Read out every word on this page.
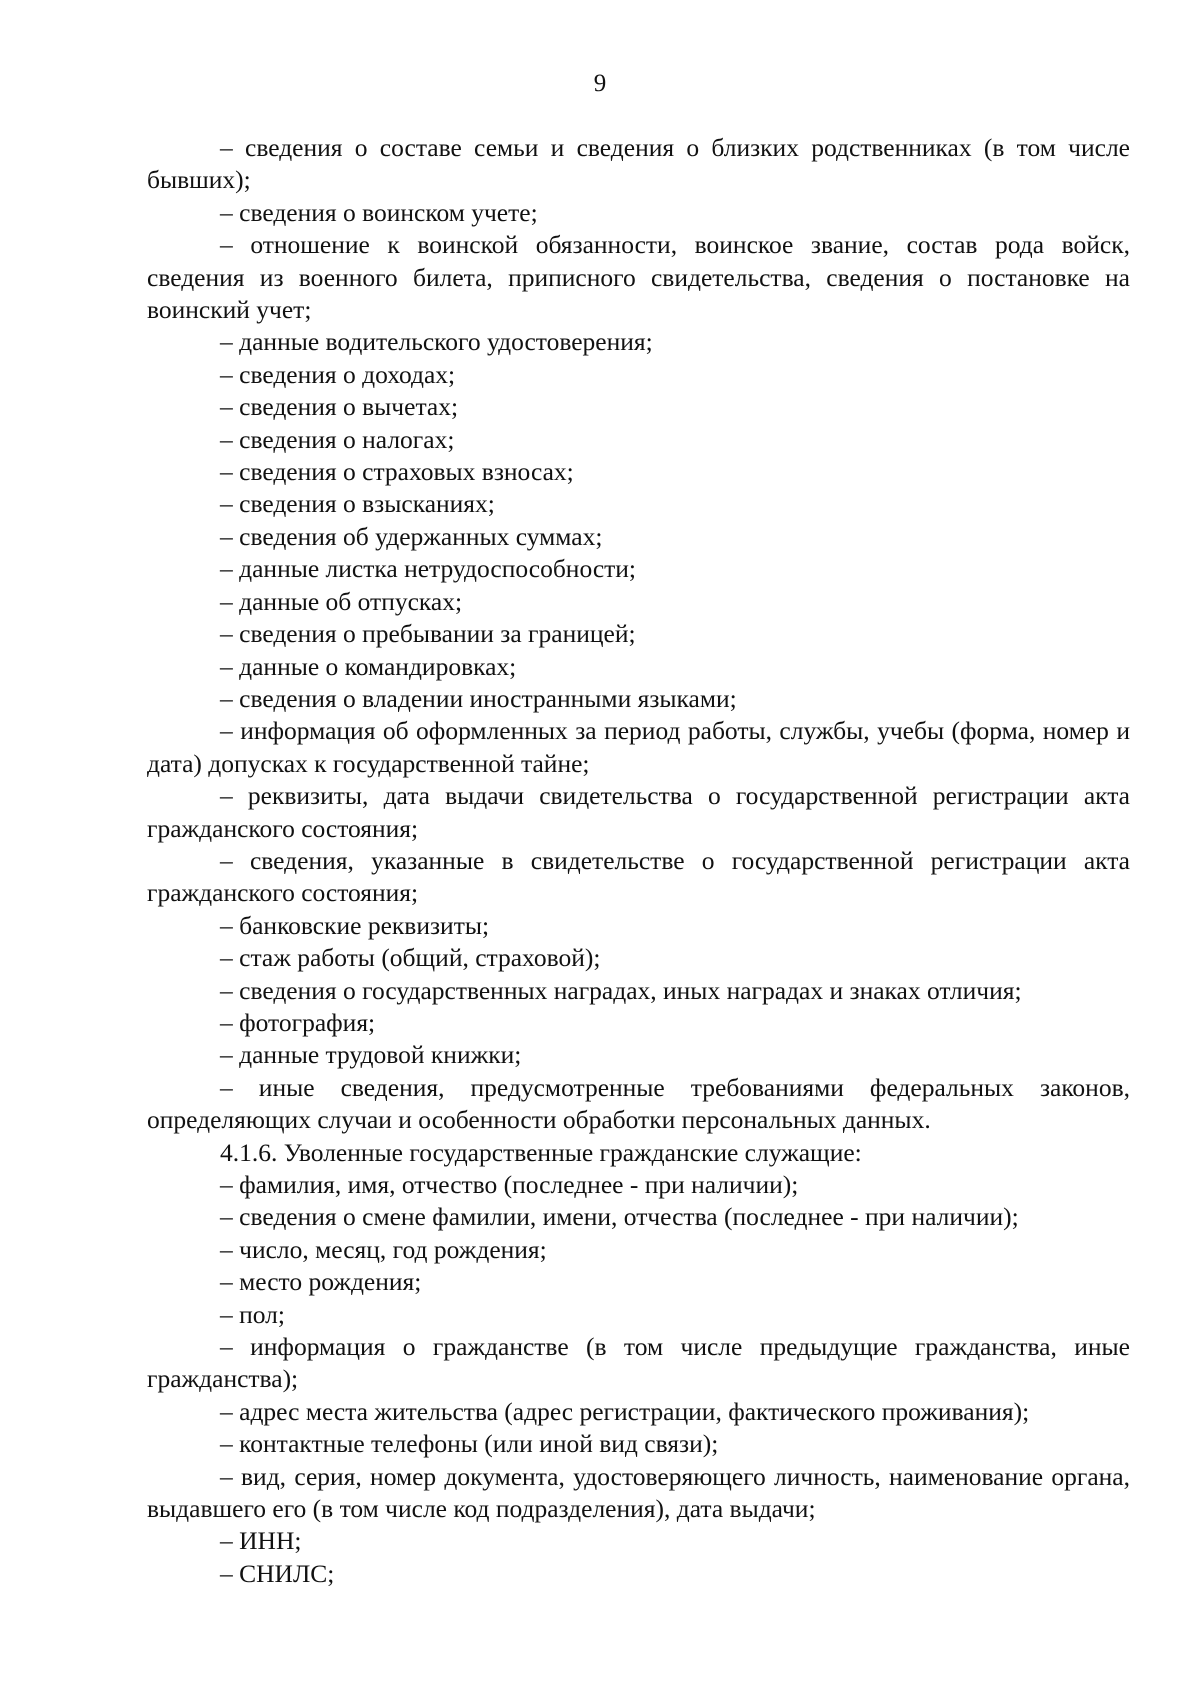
9

– сведения о составе семьи и сведения о близких родственниках (в том числе бывших);

– сведения о воинском учете;

– отношение к воинской обязанности, воинское звание, состав рода войск, сведения из военного билета, приписного свидетельства, сведения о постановке на воинский учет;

– данные водительского удостоверения;

– сведения о доходах;

– сведения о вычетах;

– сведения о налогах;

– сведения о страховых взносах;

– сведения о взысканиях;

– сведения об удержанных суммах;

– данные листка нетрудоспособности;

– данные об отпусках;

– сведения о пребывании за границей;

– данные о командировках;

– сведения о владении иностранными языками;

– информация об оформленных за период работы, службы, учебы (форма, номер и дата) допусках к государственной тайне;

– реквизиты, дата выдачи свидетельства о государственной регистрации акта гражданского состояния;

– сведения, указанные в свидетельстве о государственной регистрации акта гражданского состояния;

– банковские реквизиты;

– стаж работы (общий, страховой);

– сведения о государственных наградах, иных наградах и знаках отличия;

– фотография;

– данные трудовой книжки;

– иные сведения, предусмотренные требованиями федеральных законов, определяющих случаи и особенности обработки персональных данных.

4.1.6. Уволенные государственные гражданские служащие:

– фамилия, имя, отчество (последнее - при наличии);

– сведения о смене фамилии, имени, отчества (последнее - при наличии);

– число, месяц, год рождения;

– место рождения;

– пол;

– информация о гражданстве (в том числе предыдущие гражданства, иные гражданства);

– адрес места жительства (адрес регистрации, фактического проживания);

– контактные телефоны (или иной вид связи);

– вид, серия, номер документа, удостоверяющего личность, наименование органа, выдавшего его (в том числе код подразделения), дата выдачи;

– ИНН;

– СНИЛС;
